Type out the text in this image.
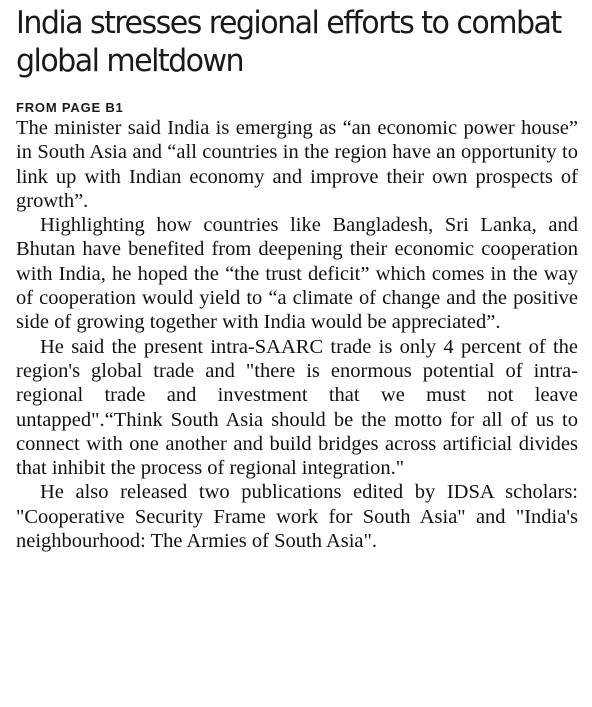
India stresses regional efforts to combat global meltdown
FROM PAGE B1

The minister said India is emerging as “an economic power house” in South Asia and “all countries in the region have an opportunity to link up with Indian economy and improve their own prospects of growth”.

Highlighting how countries like Bangladesh, Sri Lanka, and Bhutan have benefited from deepening their economic cooperation with India, he hoped the “the trust deficit” which comes in the way of cooperation would yield to “a climate of change and the positive side of growing together with India would be appreciated”.

He said the present intra-SAARC trade is only 4 percent of the region's global trade and "there is enormous potential of intra-regional trade and investment that we must not leave untapped".“Think South Asia should be the motto for all of us to connect with one another and build bridges across artificial divides that inhibit the process of regional integration."

He also released two publications edited by IDSA scholars: "Cooperative Security Frame work for South Asia" and "India's neighbourhood: The Armies of South Asia".
